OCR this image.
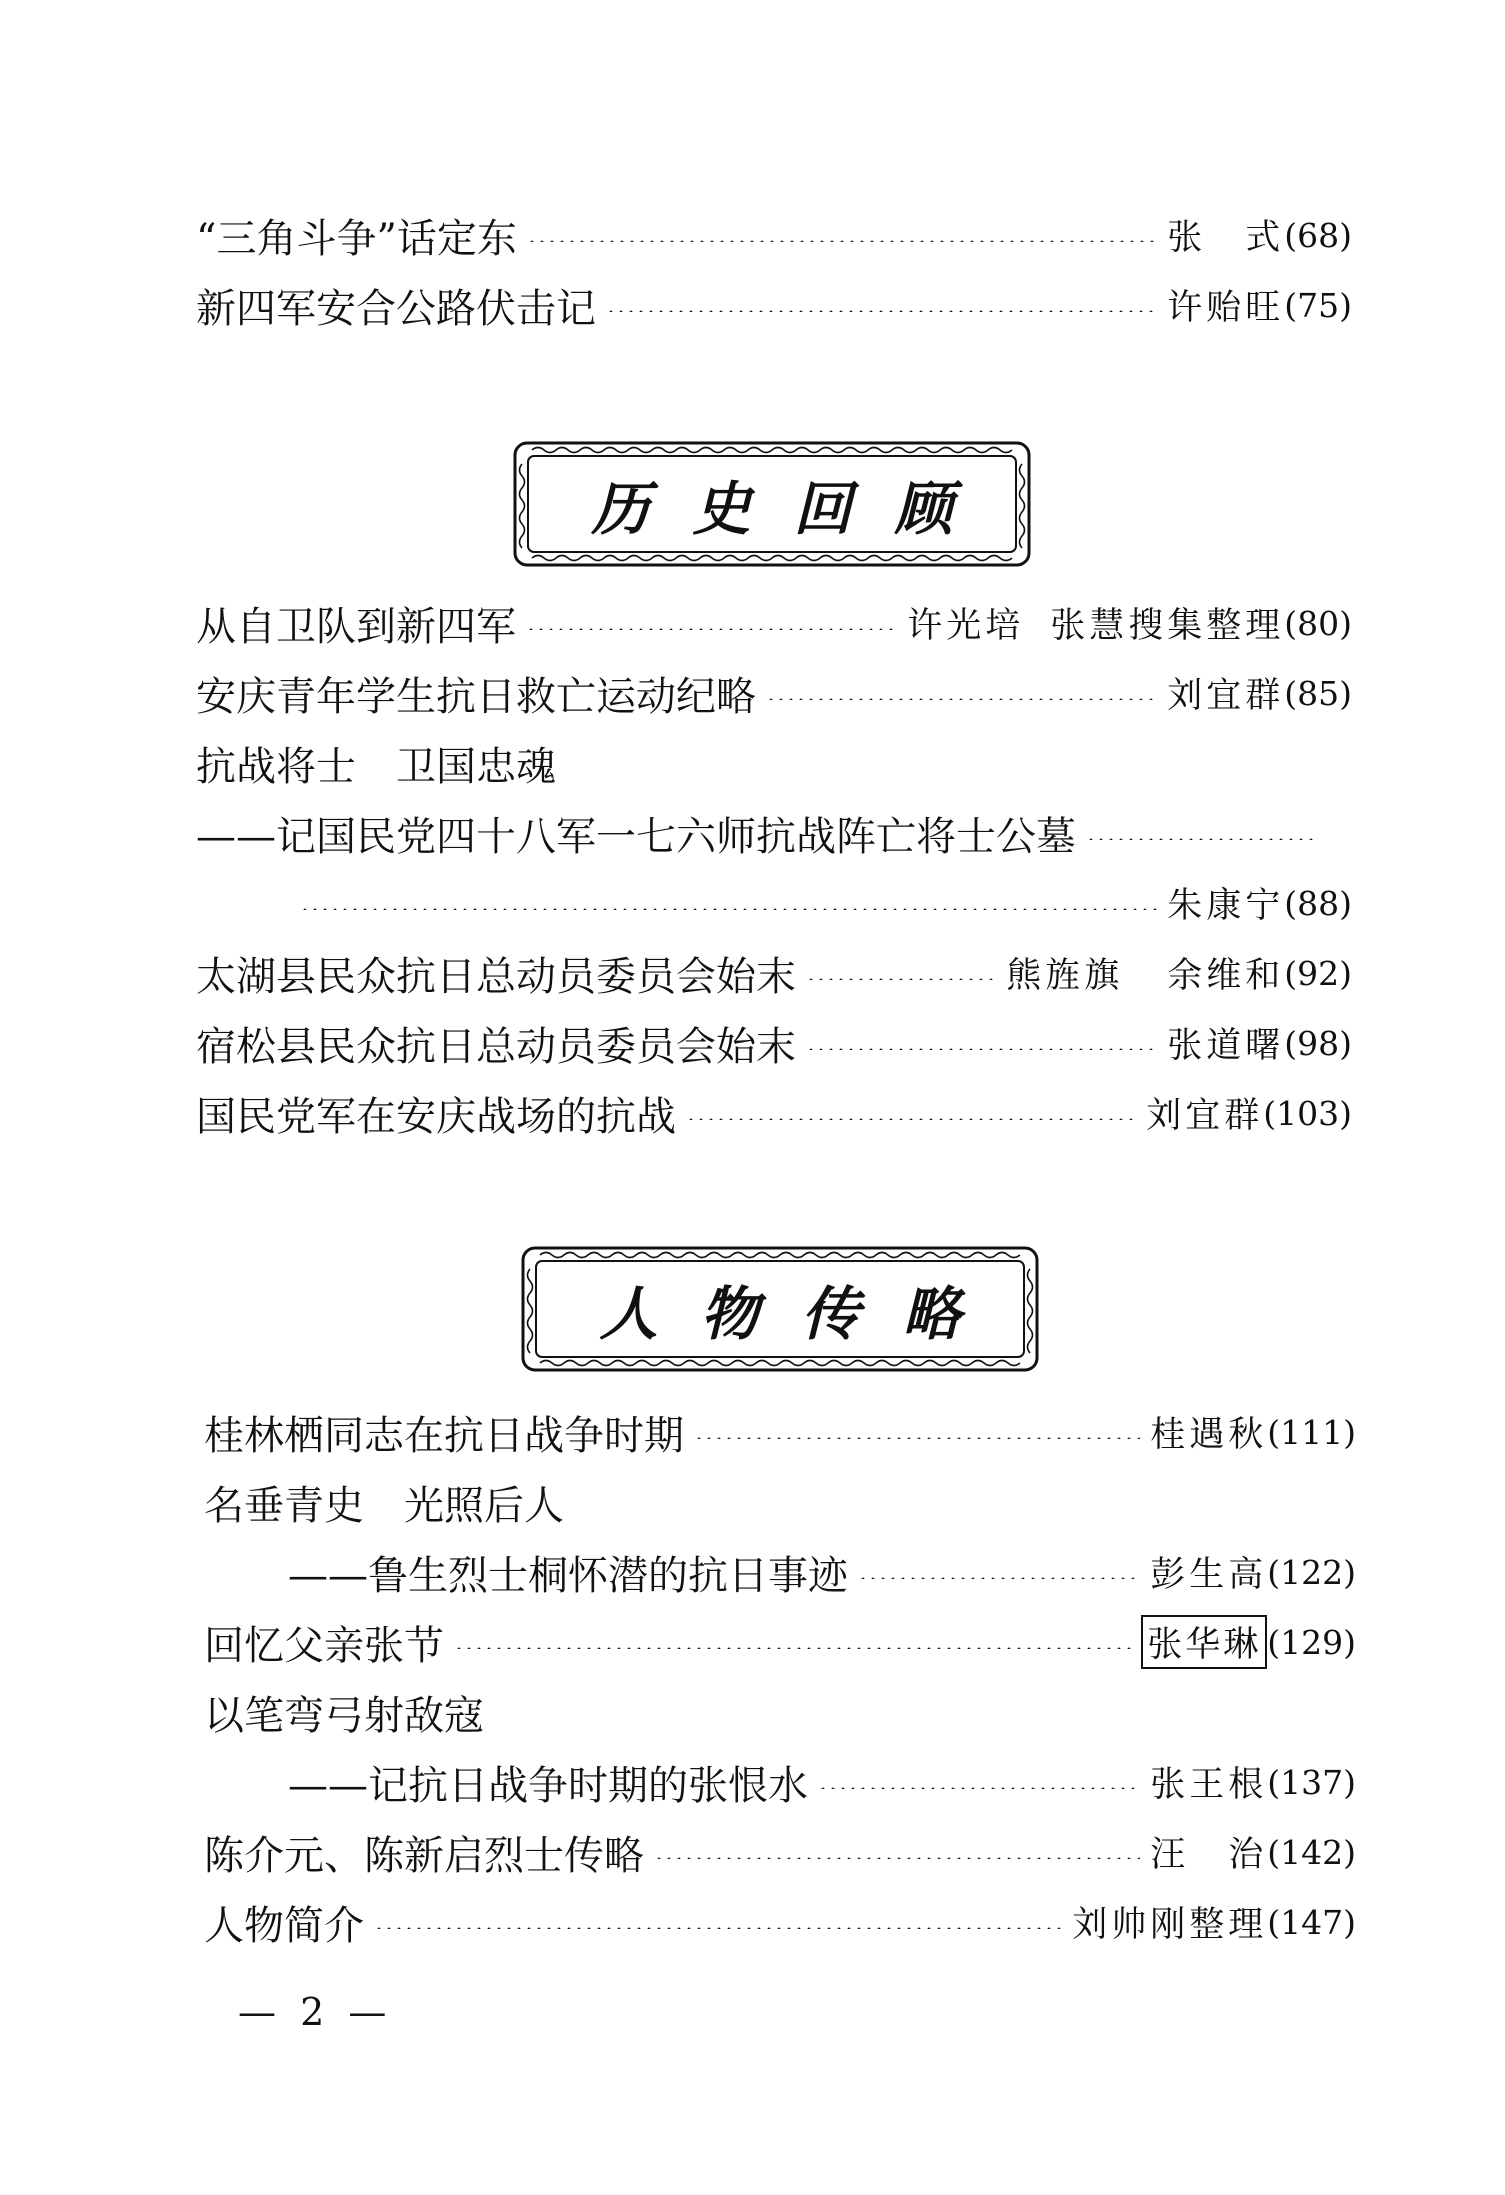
“三角斗争”话定东	张　式 (68)
新四军安合公路伏击记	许贻旺 (75)
历 史 回 顾
从自卫队到新四军	许光培 张慧搜集整理 (80)
安庆青年学生抗日救亡运动纪略	刘宜群 (85)
抗战将士　卫国忠魂
——记国民党四十八军一七六师抗战阵亡将士公墓
朱康宁 (88)
太湖县民众抗日总动员委员会始末	熊旌旗 余维和 (92)
宿松县民众抗日总动员委员会始末	张道曙 (98)
国民党军在安庆战场的抗战	刘宜群 (103)
人 物 传 略
桂林栖同志在抗日战争时期	桂遇秋 (111)
名垂青史　光照后人
——鲁生烈士桐怀潜的抗日事迹	彭生高 (122)
回忆父亲张节	张华琳 (129)
以笔弯弓射敌寇
——记抗日战争时期的张恨水	张王根 (137)
陈介元、陈新启烈士传略	汪　治 (142)
人物简介	刘帅刚整理 (147)
— 2 —
